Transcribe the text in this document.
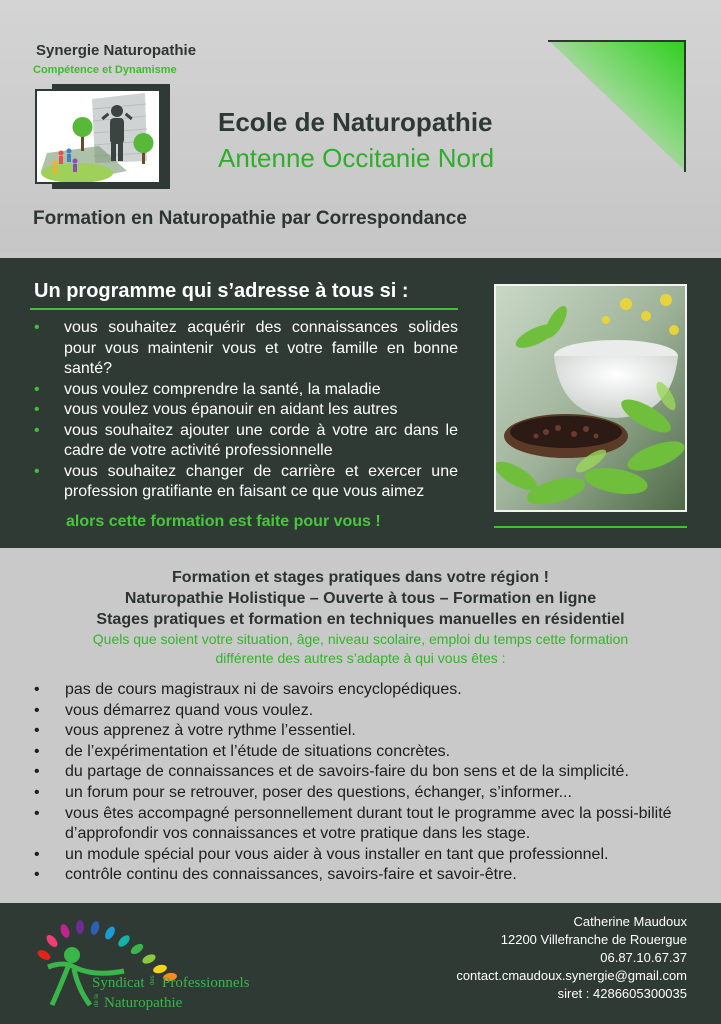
Synergie Naturopathie
Compétence et Dynamisme
Ecole de Naturopathie
Antenne Occitanie Nord
Formation en Naturopathie par Correspondance
Un programme qui s’adresse à tous si :
• vous souhaitez acquérir des connaissances solides pour vous maintenir vous et votre famille en bonne santé?
• vous voulez comprendre la santé, la maladie
• vous voulez vous épanouir en aidant les autres
• vous souhaitez ajouter une corde à votre arc dans le cadre de votre activité professionnelle
• vous souhaitez changer de carrière et exercer une profession gratifiante en faisant ce que vous aimez
alors cette formation est faite pour vous !
Formation et stages pratiques dans votre région !
Naturopathie Holistique – Ouverte à tous – Formation en ligne
Stages pratiques et formation en techniques manuelles en résidentiel
Quels que soient votre situation, âge, niveau scolaire, emploi du temps cette formation
différente des autres s’adapte à qui vous êtes :
• pas de cours magistraux ni de savoirs encyclopédiques.
• vous démarrez quand vous voulez.
• vous apprenez à votre rythme l’essentiel.
• de l’expérimentation et l’étude de situations concrètes.
• du partage de connaissances et de savoirs-faire du bon sens et de la simplicité.
• un forum pour se retrouver, poser des questions, échanger, s’informer...
• vous êtes accompagné personnellement durant tout le programme avec la possi-bilité d’approfondir vos connaissances et votre pratique dans les stage.
• un module spécial pour vous aider à vous installer en tant que professionnel.
• contrôle continu des connaissances, savoirs-faire et savoir-être.
Syndicat des Professionnels
de la Naturopathie
Catherine Maudoux
12200 Villefranche de Rouergue
06.87.10.67.37
contact.cmaudoux.synergie@gmail.com
siret : 4286605300035
